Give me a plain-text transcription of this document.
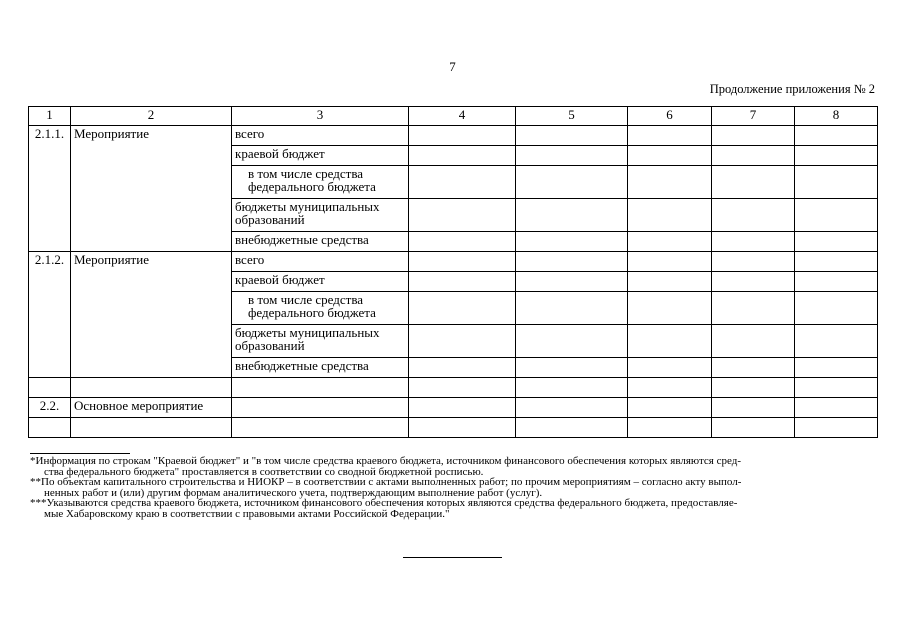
7
Продолжение приложения № 2
1	2	3	4	5	6	7	8
2.1.1.	Мероприятие	всего					
		краевой бюджет					
		в том числе средства федерального бюджета					
		бюджеты муниципальных образований					
		внебюджетные средства					
2.1.2.	Мероприятие	всего					
		краевой бюджет					
		в том числе средства федерального бюджета					
		бюджеты муниципальных образований					
		внебюджетные средства					

2.2.	Основное мероприятие						

*Информация по строкам "Краевой бюджет" и "в том числе средства краевого бюджета, источником финансового обеспечения которых являются сред-
ства федерального бюджета" проставляется в соответствии со сводной бюджетной росписью.
**По объектам капитального строительства и НИОКР – в соответствии с актами выполненных работ; по прочим мероприятиям – согласно акту выпол-
ненных работ и (или) другим формам аналитического учета, подтверждающим выполнение работ (услуг).
***Указываются средства краевого бюджета, источником финансового обеспечения которых являются средства федерального бюджета, предоставляе-
мые Хабаровскому краю в соответствии с правовыми актами Российской Федерации."
